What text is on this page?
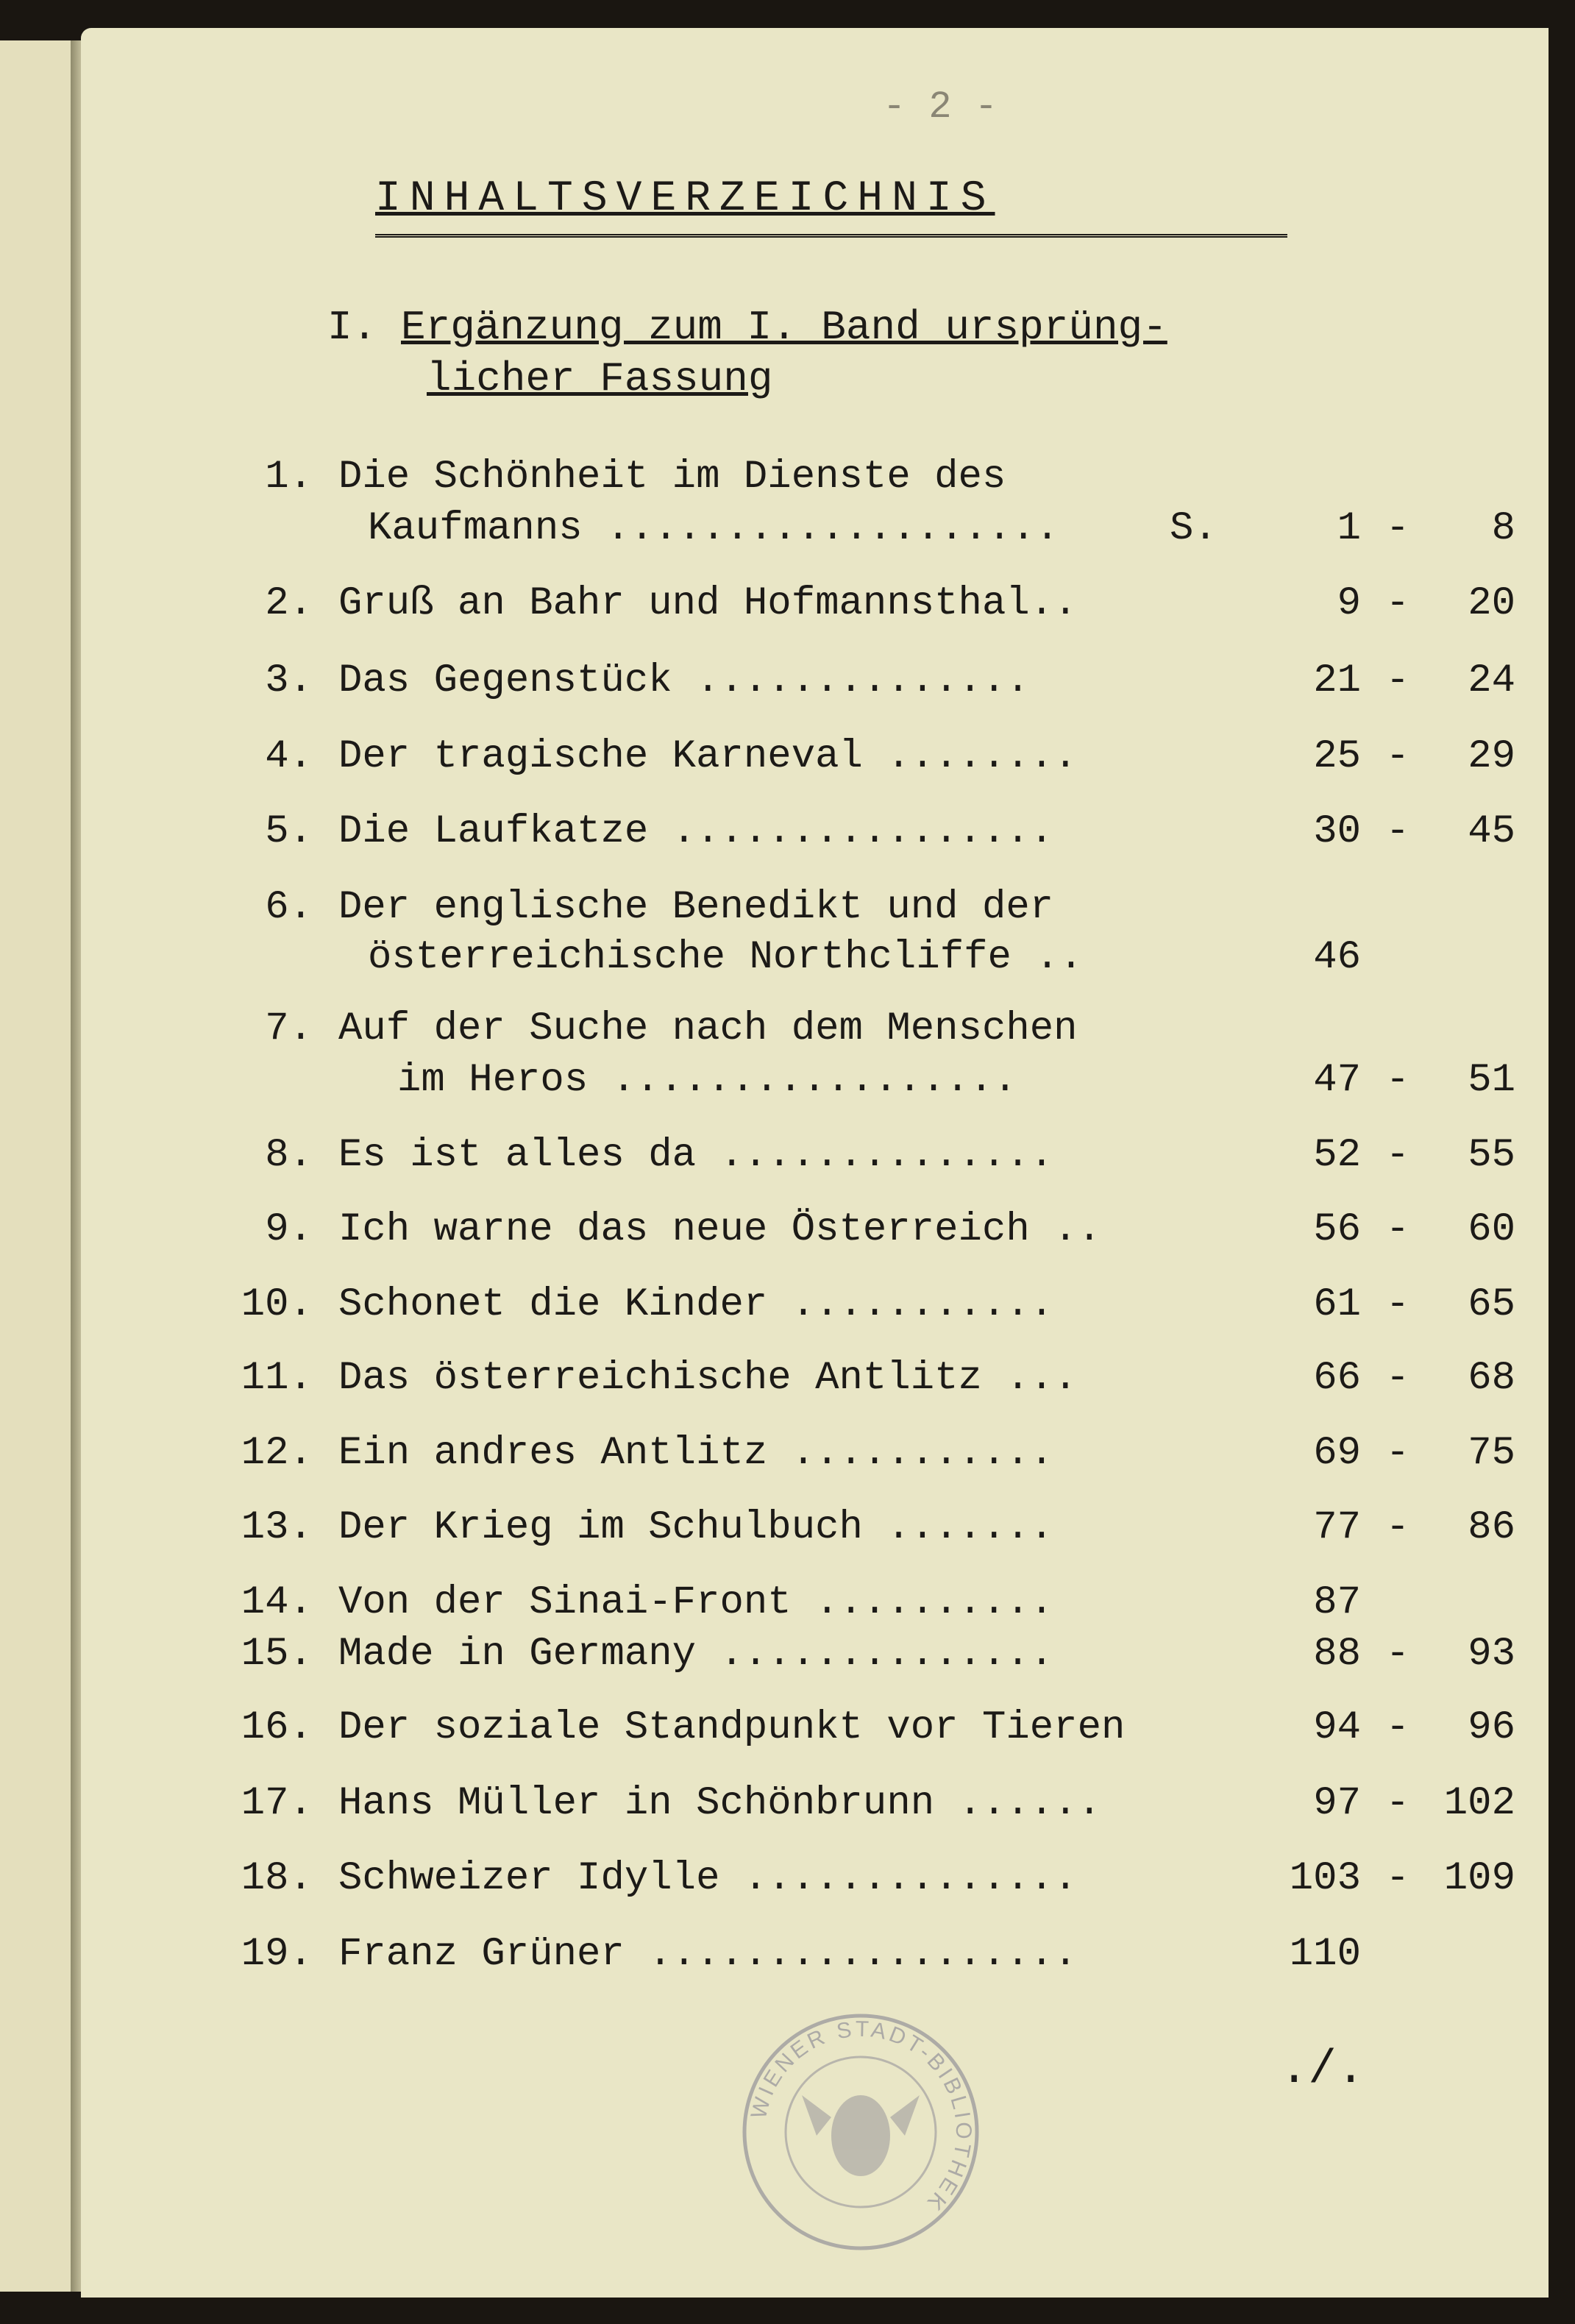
- 2 -
INHALTSVERZEICHNIS
I. Ergänzung zum I. Band ursprüng-
licher Fassung
1. Die Schönheit im Dienste des
Kaufmanns ...................	S.	1 -	8
2. Gruß an Bahr und Hofmannsthal..	9 -	20
3. Das Gegenstück ..............	21 -	24
4. Der tragische Karneval ........	25 -	29
5. Die Laufkatze ................	30 -	45
6. Der englische Benedikt und der
österreichische Northcliffe ..	46
7. Auf der Suche nach dem Menschen
im Heros .................	47 -	51
8. Es ist alles da ..............	52 -	55
9. Ich warne das neue Österreich ..	56 -	60
10. Schonet die Kinder ...........	61 -	65
11. Das österreichische Antlitz ...	66 -	68
12. Ein andres Antlitz ...........	69 -	75
13. Der Krieg im Schulbuch .......	77 -	86
14. Von der Sinai-Front ..........	87
15. Made in Germany ..............	88 -	93
16. Der soziale Standpunkt vor Tieren	94 -	96
17. Hans Müller in Schönbrunn ......	97 - 102
18. Schweizer Idylle ..............	103 - 109
19. Franz Grüner ..................	110
./.
WIENER STADT-BIBLIOTHEK
